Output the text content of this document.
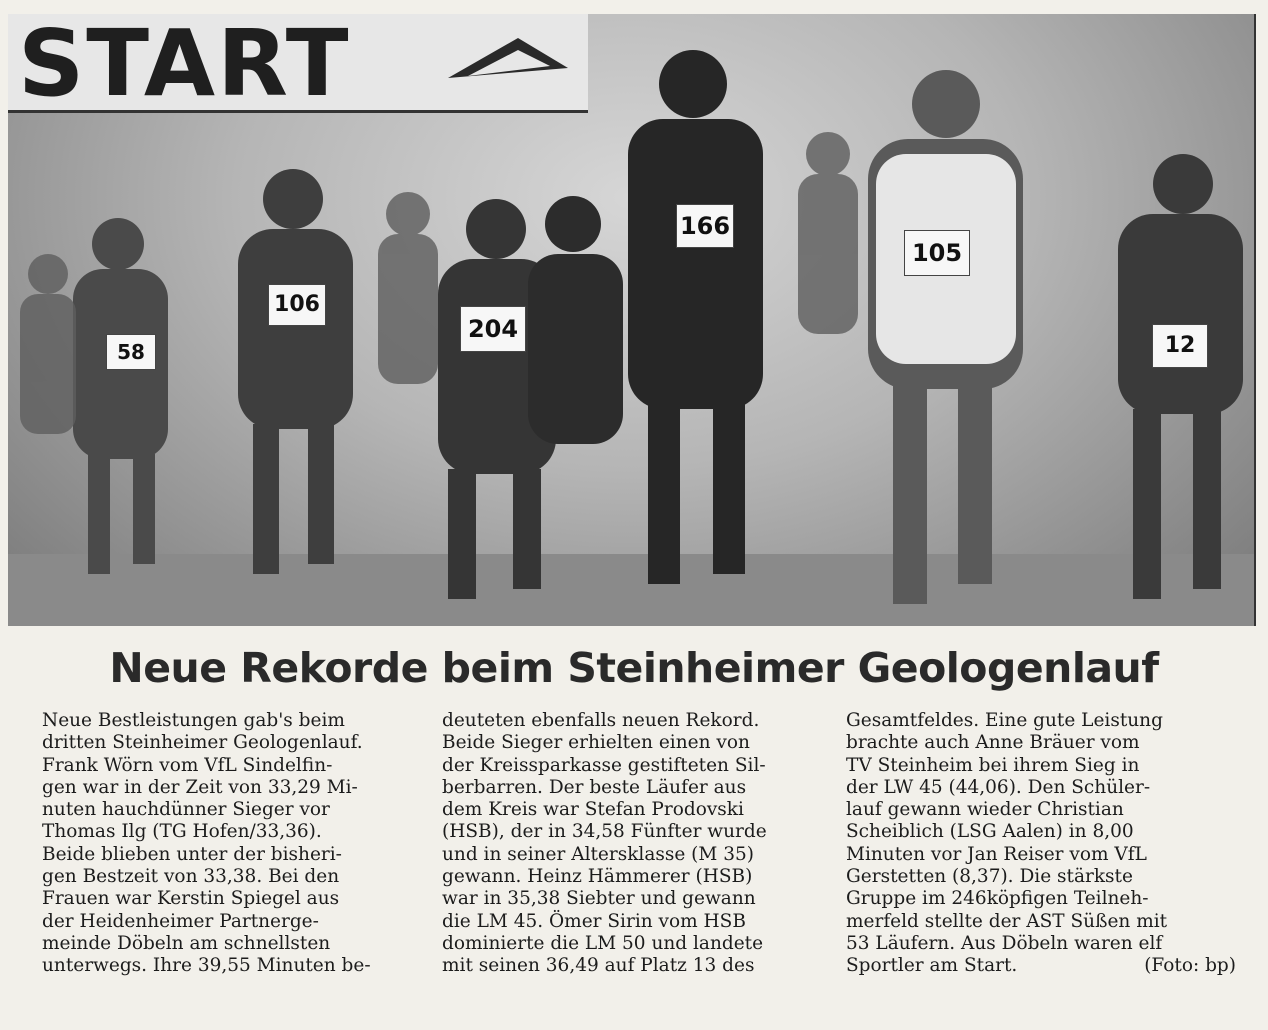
START
58
106
204
166
105
12
Neue Rekorde beim Steinheimer Geologenlauf

Neue Bestleistungen gab's beim

dritten Steinheimer Geologenlauf.

Frank Wörn vom VfL Sindelfin-

gen war in der Zeit von 33,29 Mi-

nuten hauchdünner Sieger vor

Thomas Ilg (TG Hofen/33,36).

Beide blieben unter der bisheri-

gen Bestzeit von 33,38. Bei den

Frauen war Kerstin Spiegel aus

der Heidenheimer Partnerge-

meinde Döbeln am schnellsten

unterwegs. Ihre 39,55 Minuten be-

deuteten ebenfalls neuen Rekord.

Beide Sieger erhielten einen von

der Kreissparkasse gestifteten Sil-

berbarren. Der beste Läufer aus

dem Kreis war Stefan Prodovski

(HSB), der in 34,58 Fünfter wurde

und in seiner Altersklasse (M 35)

gewann. Heinz Hämmerer (HSB)

war in 35,38 Siebter und gewann

die LM 45. Ömer Sirin vom HSB

dominierte die LM 50 und landete

mit seinen 36,49 auf Platz 13 des

Gesamtfeldes. Eine gute Leistung

brachte auch Anne Bräuer vom

TV Steinheim bei ihrem Sieg in

der LW 45 (44,06). Den Schüler-

lauf gewann wieder Christian

Scheiblich (LSG Aalen) in 8,00

Minuten vor Jan Reiser vom VfL

Gerstetten (8,37). Die stärkste

Gruppe im 246köpfigen Teilneh-

merfeld stellte der AST Süßen mit

53 Läufern. Aus Döbeln waren elf

Sportler am Start.	(Foto: bp)
